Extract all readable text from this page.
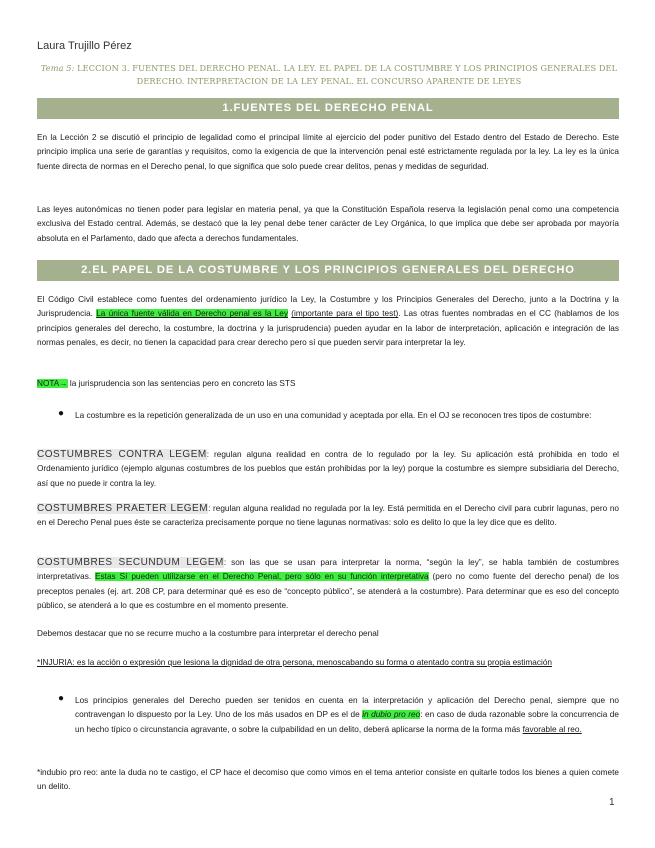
Laura Trujillo Pérez
Tema 5: LECCION 3. FUENTES DEL DERECHO PENAL. LA LEY. EL PAPEL DE LA COSTUMBRE Y LOS PRINCIPIOS GENERALES DEL DERECHO. INTERPRETACION DE LA LEY PENAL. EL CONCURSO APARENTE DE LEYES
1.FUENTES DEL DERECHO PENAL
En la Lección 2 se discutió el principio de legalidad como el principal límite al ejercicio del poder punitivo del Estado dentro del Estado de Derecho. Este principio implica una serie de garantías y requisitos, como la exigencia de que la intervención penal esté estrictamente regulada por la ley. La ley es la única fuente directa de normas en el Derecho penal, lo que significa que solo puede crear delitos, penas y medidas de seguridad.
Las leyes autonómicas no tienen poder para legislar en materia penal, ya que la Constitución Española reserva la legislación penal como una competencia exclusiva del Estado central. Además, se destacó que la ley penal debe tener carácter de Ley Orgánica, lo que implica que debe ser aprobada por mayoría absoluta en el Parlamento, dado que afecta a derechos fundamentales.
2.EL PAPEL DE LA COSTUMBRE Y LOS PRINCIPIOS GENERALES DEL DERECHO
El Código Civil establece como fuentes del ordenamiento jurídico la Ley, la Costumbre y los Principios Generales del Derecho, junto a la Doctrina y la Jurisprudencia. La única fuente válida en Derecho penal es la Ley (importante para el tipo test). Las otras fuentes nombradas en el CC (hablamos de los principios generales del derecho, la costumbre, la doctrina y la jurisprudencia) pueden ayudar en la labor de interpretación, aplicación e integración de las normas penales, es decir, no tienen la capacidad para crear derecho pero sí que pueden servir para interpretar la ley.
NOTA→ la jurisprudencia son las sentencias pero en concreto las STS
● La costumbre es la repetición generalizada de un uso en una comunidad y aceptada por ella. En el OJ se reconocen tres tipos de costumbre:
COSTUMBRES CONTRA LEGEM: regulan alguna realidad en contra de lo regulado por la ley. Su aplicación está prohibida en todo el Ordenamiento jurídico (ejemplo algunas costumbres de los pueblos que están prohibidas por la ley) porque la costumbre es siempre subsidiaria del Derecho, así que no puede ir contra la ley.
COSTUMBRES PRAETER LEGEM: regulan alguna realidad no regulada por la ley. Está permitida en el Derecho civil para cubrir lagunas, pero no en el Derecho Penal pues éste se caracteriza precisamente porque no tiene lagunas normativas: solo es delito lo que la ley dice que es delito.
COSTUMBRES SECUNDUM LEGEM: son las que se usan para interpretar la norma, “según la ley”, se habla también de costumbres interpretativas. Estas Sí pueden utilizarse en el Derecho Penal, pero sólo en su función interpretativa (pero no como fuente del derecho penal) de los preceptos penales (ej. art. 208 CP, para determinar qué es eso de “concepto público”, se atenderá a la costumbre). Para determinar que es eso del concepto público, se atenderá a lo que es costumbre en el momento presente.
Debemos destacar que no se recurre mucho a la costumbre para interpretar el derecho penal
*INJURIA: es la acción o expresión que lesiona la dignidad de otra persona, menoscabando su forma o atentado contra su propia estimación
● Los principios generales del Derecho pueden ser tenidos en cuenta en la interpretación y aplicación del Derecho penal, siempre que no contravengan lo dispuesto por la Ley. Uno de los más usados en DP es el de in dubio pro reo: en caso de duda razonable sobre la concurrencia de un hecho típico o circunstancia agravante, o sobre la culpabilidad en un delito, deberá aplicarse la norma de la forma más favorable al reo.
*indubio pro reo: ante la duda no te castigo, el CP hace el decomiso que como vimos en el tema anterior consiste en quitarle todos los bienes a quien comete un delito.
1
